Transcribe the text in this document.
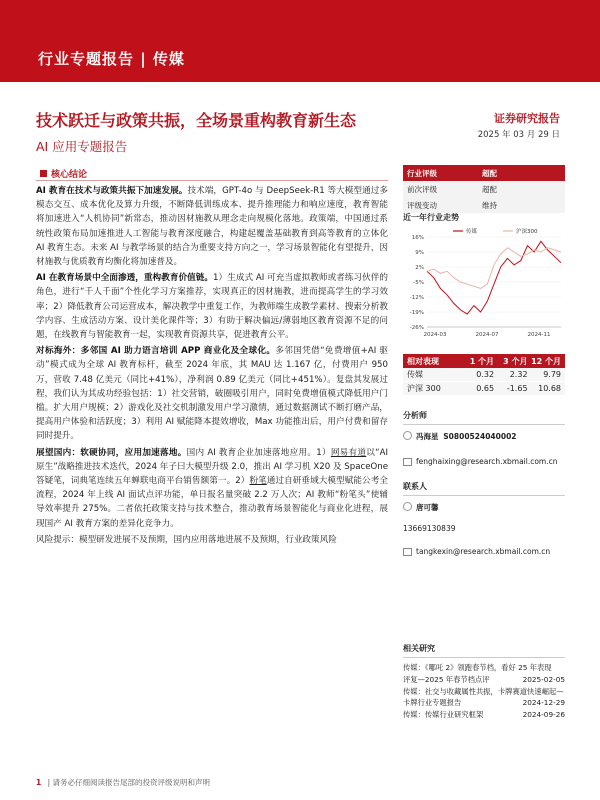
行业专题报告 | 传媒
技术跃迁与政策共振，全场景重构教育新生态
AI 应用专题报告
证券研究报告
2025 年 03 月 29 日
核心结论

AI 教育在技术与政策共振下加速发展。技术端，GPT-4o 与 DeepSeek-R1 等大模型通过多模态交互、成本优化及算力升级，不断降低训练成本、提升推理能力和响应速度，教育智能将加速进入“人机协同”新常态，推动因材施教从理念走向规模化落地。政策端，中国通过系统性政策布局加速推进人工智能与教育深度融合，构建起覆盖基础教育到高等教育的立体化 AI 教育生态。未来 AI 与教学场景的结合为重要支持方向之一，学习场景智能化有望提升，因材施教与优质教育均衡化将加速普及。

AI 在教育场景中全面渗透，重构教育价值链。1）生成式 AI 可充当虚拟教师或者练习伙伴的角色，进行“千人千面”个性化学习方案推荐，实现真正的因材施教，进而提高学生的学习效率；2）降低教育公司运营成本，解决教学中重复工作，为教师端生成教学素材、搜索分析教学内容、生成活动方案、设计美化课件等；3）有助于解决偏远/薄弱地区教育资源不足的问题，在线教育与智能教育一起，实现教育资源共享，促进教育公平。

对标海外：多邻国 AI 助力语言培训 APP 商业化及全球化。多邻国凭借“免费增值+AI 驱动”模式成为全球 AI 教育标杆，截至 2024 年底，其 MAU 达 1.167 亿，付费用户 950 万，营收 7.48 亿美元（同比+41%），净利润 0.89 亿美元（同比+451%）。复盘其发展过程，我们认为其成功经验包括：1）社交营销，破圈吸引用户，同时免费增值模式降低用户门槛。扩大用户规模；2）游戏化及社交机制激发用户学习激情，通过数据测试不断打磨产品，提高用户体验和活跃度；3）利用 AI 赋能降本提效增收，Max 功能推出后，用户付费和留存同时提升。

展望国内：软硬协同，应用加速落地。国内 AI 教育企业加速落地应用。1）网易有道以“AI 原生”战略推进技术迭代，2024 年子曰大模型升级 2.0，推出 AI 学习机 X20 及 SpaceOne 答疑笔，词典笔连续五年蝉联电商平台销售额第一。2）粉笔通过自研垂域大模型赋能公考全流程，2024 年上线 AI 面试点评功能，单日报名量突破 2.2 万人次；AI 教师“粉笔头”使辅导效率提升 275%。二者依托政策支持与技术整合，推动教育场景智能化与商业化进程，展现国产 AI 教育方案的差异化竞争力。

风险提示：模型研发进展不及预期，国内应用落地进展不及预期，行业政策风险

行业评级	超配
前次评级	超配
评级变动	维持
近一年行业走势
16%
9%
2%
-5%
-12%
-19%
-26%
2024-03	2024-07	2024-11
传媒	沪深300
相对表现	1 个月	3 个月 12 个月
传媒	0.32	2.32	9.79
沪深 300	0.65	-1.65	10.68
分析师
冯海星
S0800524040002
fenghaixing@research.xbmail.com.cn
联系人
唐可馨
13669130839
tangkexin@research.xbmail.com.cn
相关研究
传媒：《哪吒 2》领跑春节档，看好 25 年表现
评复—2025 年春节档点评	2025-02-05
传媒：社交与收藏属性共振，卡牌赛道快速崛起—卡牌行业专题报告	2024-12-29
传媒：传媒行业研究框架	2024-09-26
1 | 请务必仔细阅读报告尾部的投资评级说明和声明
